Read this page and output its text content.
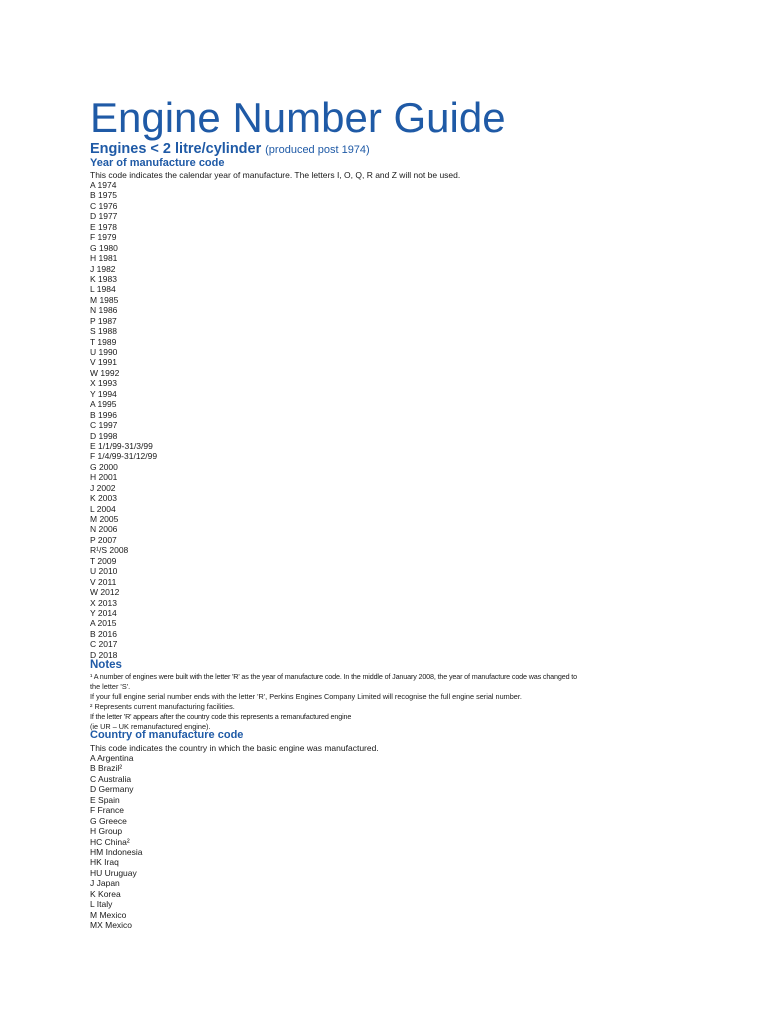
Engine Number Guide

Engines < 2 litre/cylinder (produced post 1974)

Year of manufacture code

This code indicates the calendar year of manufacture. The letters I, O, Q, R and Z will not be used.

A 1974
B 1975
C 1976
D 1977
E 1978
F 1979
G 1980
H 1981
J 1982
K 1983
L 1984
M 1985
N 1986
P 1987
S 1988
T 1989
U 1990
V 1991
W 1992
X 1993
Y 1994
A 1995
B 1996
C 1997
D 1998
E 1/1/99-31/3/99
F 1/4/99-31/12/99
G 2000
H 2001
J 2002
K 2003
L 2004
M 2005
N 2006
P 2007
R¹/S 2008
T 2009
U 2010
V 2011
W 2012
X 2013
Y 2014
A 2015
B 2016
C 2017
D 2018
Notes
¹ A number of engines were built with the letter 'R' as the year of manufacture code. In the middle of January 2008, the year of manufacture code was changed to
the letter 'S'.
If your full engine serial number ends with the letter 'R', Perkins Engines Company Limited will recognise the full engine serial number.
² Represents current manufacturing facilities.
If the letter 'R' appears after the country code this represents a remanufactured engine
(ie UR – UK remanufactured engine).
Country of manufacture code

This code indicates the country in which the basic engine was manufactured.

A Argentina
B Brazil²
C Australia
D Germany
E Spain
F France
G Greece
H Group
HC China²
HM Indonesia
HK Iraq
HU Uruguay
J Japan
K Korea
L Italy
M Mexico
MX Mexico
